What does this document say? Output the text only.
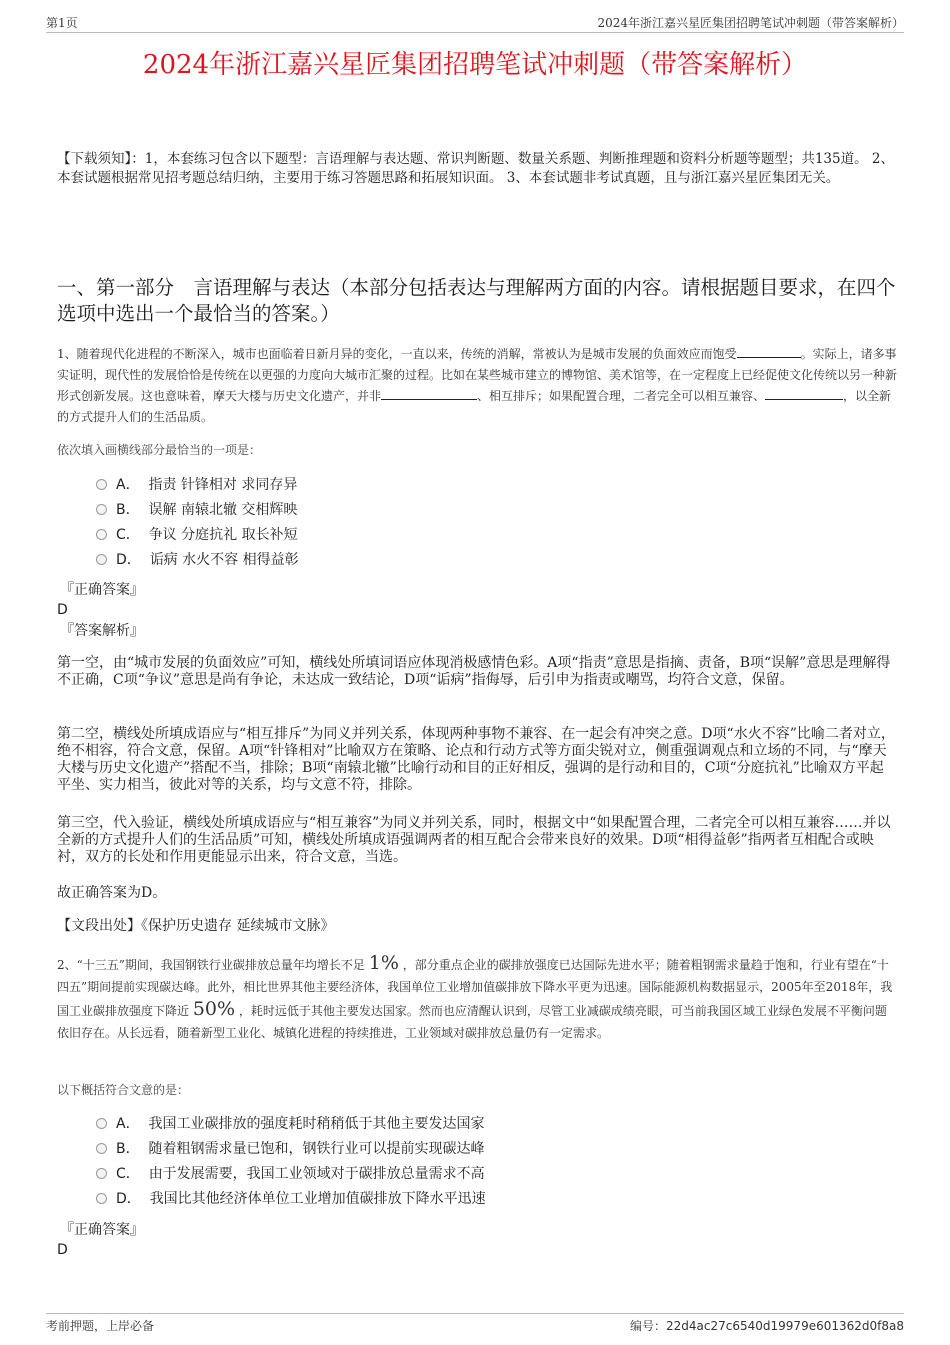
第1页	2024年浙江嘉兴星匠集团招聘笔试冲刺题（带答案解析）
2024年浙江嘉兴星匠集团招聘笔试冲刺题（带答案解析）
【下载须知】：1，本套练习包含以下题型：言语理解与表达题、常识判断题、数量关系题、判断推理题和资料分析题等题型；共135道。 2、本套试题根据常见招考题总结归纳，主要用于练习答题思路和拓展知识面。 3、本套试题非考试真题，且与浙江嘉兴星匠集团无关。
一、第一部分　言语理解与表达（本部分包括表达与理解两方面的内容。请根据题目要求，在四个选项中选出一个最恰当的答案。）
1、随着现代化进程的不断深入，城市也面临着日新月异的变化，一直以来，传统的消解，常被认为是城市发展的负面效应而饱受	。实际上，诸多事实证明，现代性的发展恰恰是传统在以更强的力度向大城市汇聚的过程。比如在某些城市建立的博物馆、美术馆等，在一定程度上已经促使文化传统以另一种新形式创新发展。这也意味着，摩天大楼与历史文化遗产，并非	、相互排斥；如果配置合理，二者完全可以相互兼容、	，以全新的方式提升人们的生活品质。
依次填入画横线部分最恰当的一项是：
A． 指责 针锋相对 求同存异
B． 误解 南辕北辙 交相辉映
C． 争议 分庭抗礼 取长补短
D． 诟病 水火不容 相得益彰
『正确答案』
D
『答案解析』
第一空，由“城市发展的负面效应”可知，横线处所填词语应体现消极感情色彩。A项“指责”意思是指摘、责备，B项“误解”意思是理解得不正确，C项“争议”意思是尚有争论，未达成一致结论，D项“诟病”指侮辱，后引申为指责或嘲骂，均符合文意，保留。
第二空，横线处所填成语应与“相互排斥”为同义并列关系，体现两种事物不兼容、在一起会有冲突之意。D项“水火不容”比喻二者对立，绝不相容，符合文意，保留。A项“针锋相对”比喻双方在策略、论点和行动方式等方面尖锐对立，侧重强调观点和立场的不同，与“摩天大楼与历史文化遗产”搭配不当，排除；B项“南辕北辙”比喻行动和目的正好相反，强调的是行动和目的，C项“分庭抗礼”比喻双方平起平坐、实力相当，彼此对等的关系，均与文意不符，排除。
第三空，代入验证，横线处所填成语应与“相互兼容”为同义并列关系，同时，根据文中“如果配置合理，二者完全可以相互兼容……并以全新的方式提升人们的生活品质”可知，横线处所填成语强调两者的相互配合会带来良好的效果。D项“相得益彰”指两者互相配合或映衬，双方的长处和作用更能显示出来，符合文意，当选。
故正确答案为D。
【文段出处】《保护历史遗存 延续城市文脉》
2、“十三五”期间，我国钢铁行业碳排放总量年均增长不足 1% ，部分重点企业的碳排放强度已达国际先进水平；随着粗钢需求量趋于饱和，行业有望在“十四五”期间提前实现碳达峰。此外，相比世界其他主要经济体，我国单位工业增加值碳排放下降水平更为迅速。国际能源机构数据显示，2005年至2018年，我国工业碳排放强度下降近 50% ，耗时远低于其他主要发达国家。然而也应清醒认识到，尽管工业减碳成绩亮眼，可当前我国区域工业绿色发展不平衡问题依旧存在。从长远看，随着新型工业化、城镇化进程的持续推进，工业领域对碳排放总量仍有一定需求。
以下概括符合文意的是：
A． 我国工业碳排放的强度耗时稍稍低于其他主要发达国家
B． 随着粗钢需求量已饱和，钢铁行业可以提前实现碳达峰
C． 由于发展需要，我国工业领域对于碳排放总量需求不高
D． 我国比其他经济体单位工业增加值碳排放下降水平迅速
『正确答案』
D
考前押题，上岸必备	编号：22d4ac27c6540d19979e601362d0f8a8
